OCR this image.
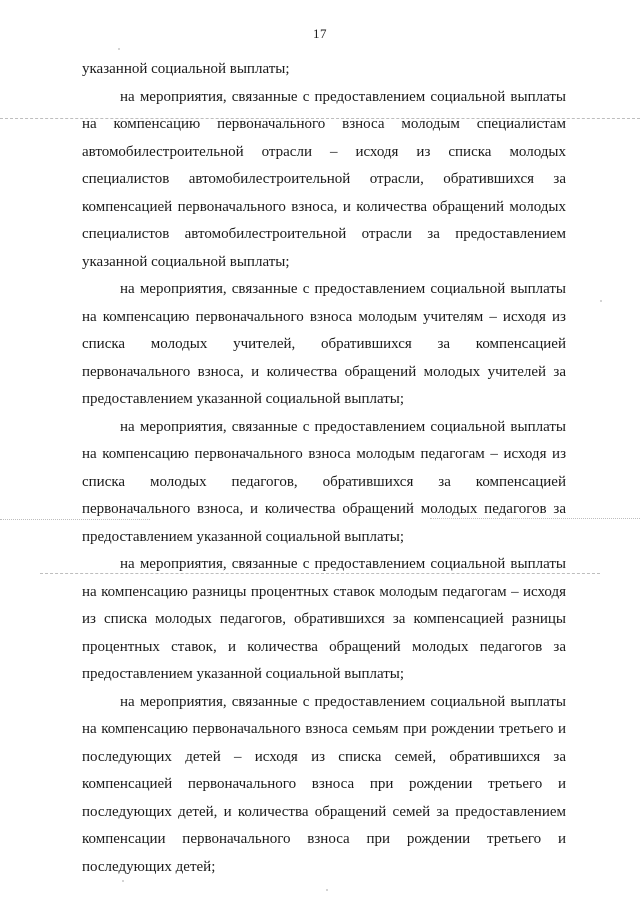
17

указанной социальной выплаты;

на мероприятия, связанные с предоставлением социальной выплаты на компенсацию первоначального взноса молодым специалистам автомобилестроительной отрасли – исходя из списка молодых специалистов автомобилестроительной отрасли, обратившихся за компенсацией первоначального взноса, и количества обращений молодых специалистов автомобилестроительной отрасли за предоставлением указанной социальной выплаты;

на мероприятия, связанные с предоставлением социальной выплаты на компенсацию первоначального взноса молодым учителям – исходя из списка молодых учителей, обратившихся за компенсацией первоначального взноса, и количества обращений молодых учителей за предоставлением указанной социальной выплаты;

на мероприятия, связанные с предоставлением социальной выплаты на компенсацию первоначального взноса молодым педагогам – исходя из списка молодых педагогов, обратившихся за компенсацией первоначального взноса, и количества обращений молодых педагогов за предоставлением указанной социальной выплаты;

на мероприятия, связанные с предоставлением социальной выплаты на компенсацию разницы процентных ставок молодым педагогам – исходя из списка молодых педагогов, обратившихся за компенсацией разницы процентных ставок, и количества обращений молодых педагогов за предоставлением указанной социальной выплаты;

на мероприятия, связанные с предоставлением социальной выплаты на компенсацию первоначального взноса семьям при рождении третьего и последующих детей – исходя из списка семей, обратившихся за компенсацией первоначального взноса при рождении третьего и последующих детей, и количества обращений семей за предоставлением компенсации первоначального взноса при рождении третьего и последующих детей;
